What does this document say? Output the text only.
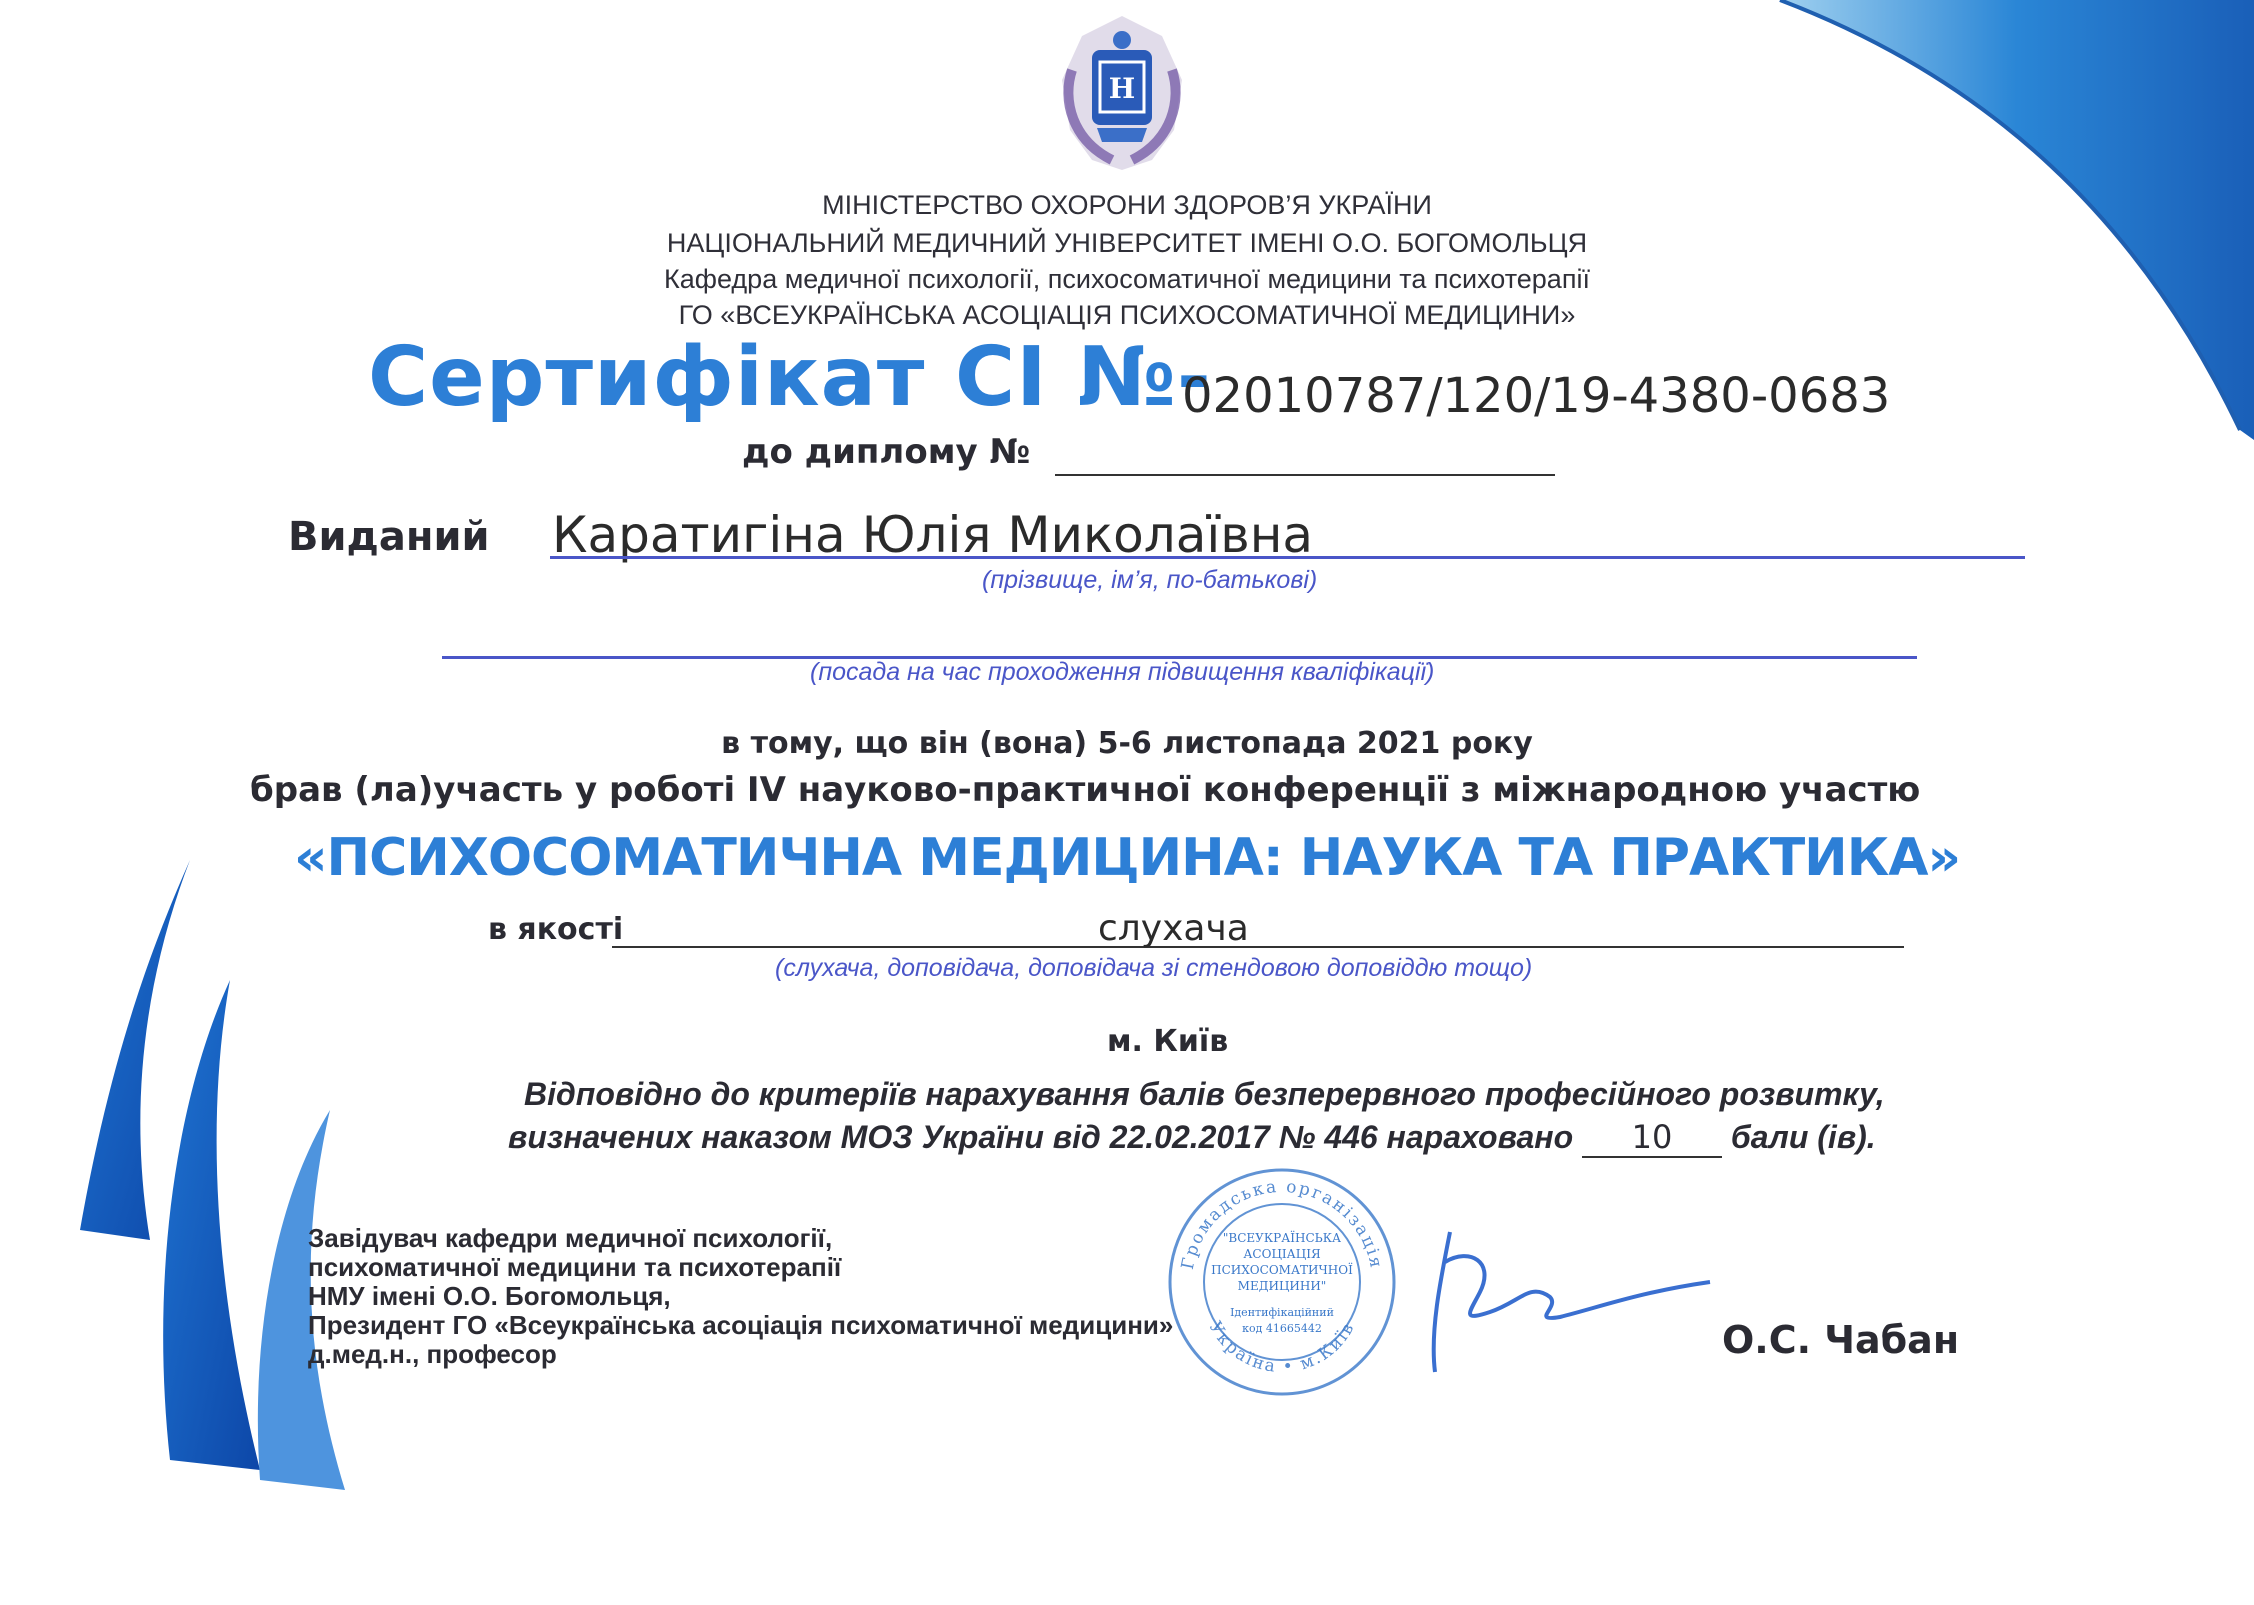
Н
МІНІСТЕРСТВО ОХОРОНИ ЗДОРОВ’Я УКРАЇНИ
НАЦІОНАЛЬНИЙ МЕДИЧНИЙ УНІВЕРСИТЕТ ІМЕНІ О.О. БОГОМОЛЬЦЯ
Кафедра медичної психології, психосоматичної медицини та психотерапії
ГО «ВСЕУКРАЇНСЬКА АСОЦІАЦІЯ ПСИХОСОМАТИЧНОЇ МЕДИЦИНИ»
Сертифікат СІ №-
02010787/120/19-4380-0683
до диплому №
Виданий Каратигіна Юлія Миколаївна
(прізвище, ім’я, по-батькові)
(посада на час проходження підвищення кваліфікації)
в тому, що він (вона) 5-6 листопада 2021 року
брав (ла)участь у роботі IV науково-практичної конференції з міжнародною участю
«ПСИХОСОМАТИЧНА МЕДИЦИНА: НАУКА ТА ПРАКТИКА»
в якості	слухача
(слухача, доповідача, доповідача зі стендовою доповіддю тощо)
м. Київ
Відповідно до критеріїв нарахування балів безперервного професійного розвитку,
визначених наказом МОЗ України від 22.02.2017 № 446 нараховано 10 бали (ів).
Завідувач кафедри медичної психології,
психоматичної медицини та психотерапії
НМУ імені О.О. Богомольця,
Президент ГО «Всеукраїнська асоціація психоматичної медицини»
д.мед.н., професор
Громадська організація
Україна • м.Київ
"ВСЕУКРАЇНСЬКА
АСОЦІАЦІЯ
ПСИХОСОМАТИЧНОЇ
МЕДИЦИНИ"
Ідентифікаційний
код 41665442	О.С. Чабан
